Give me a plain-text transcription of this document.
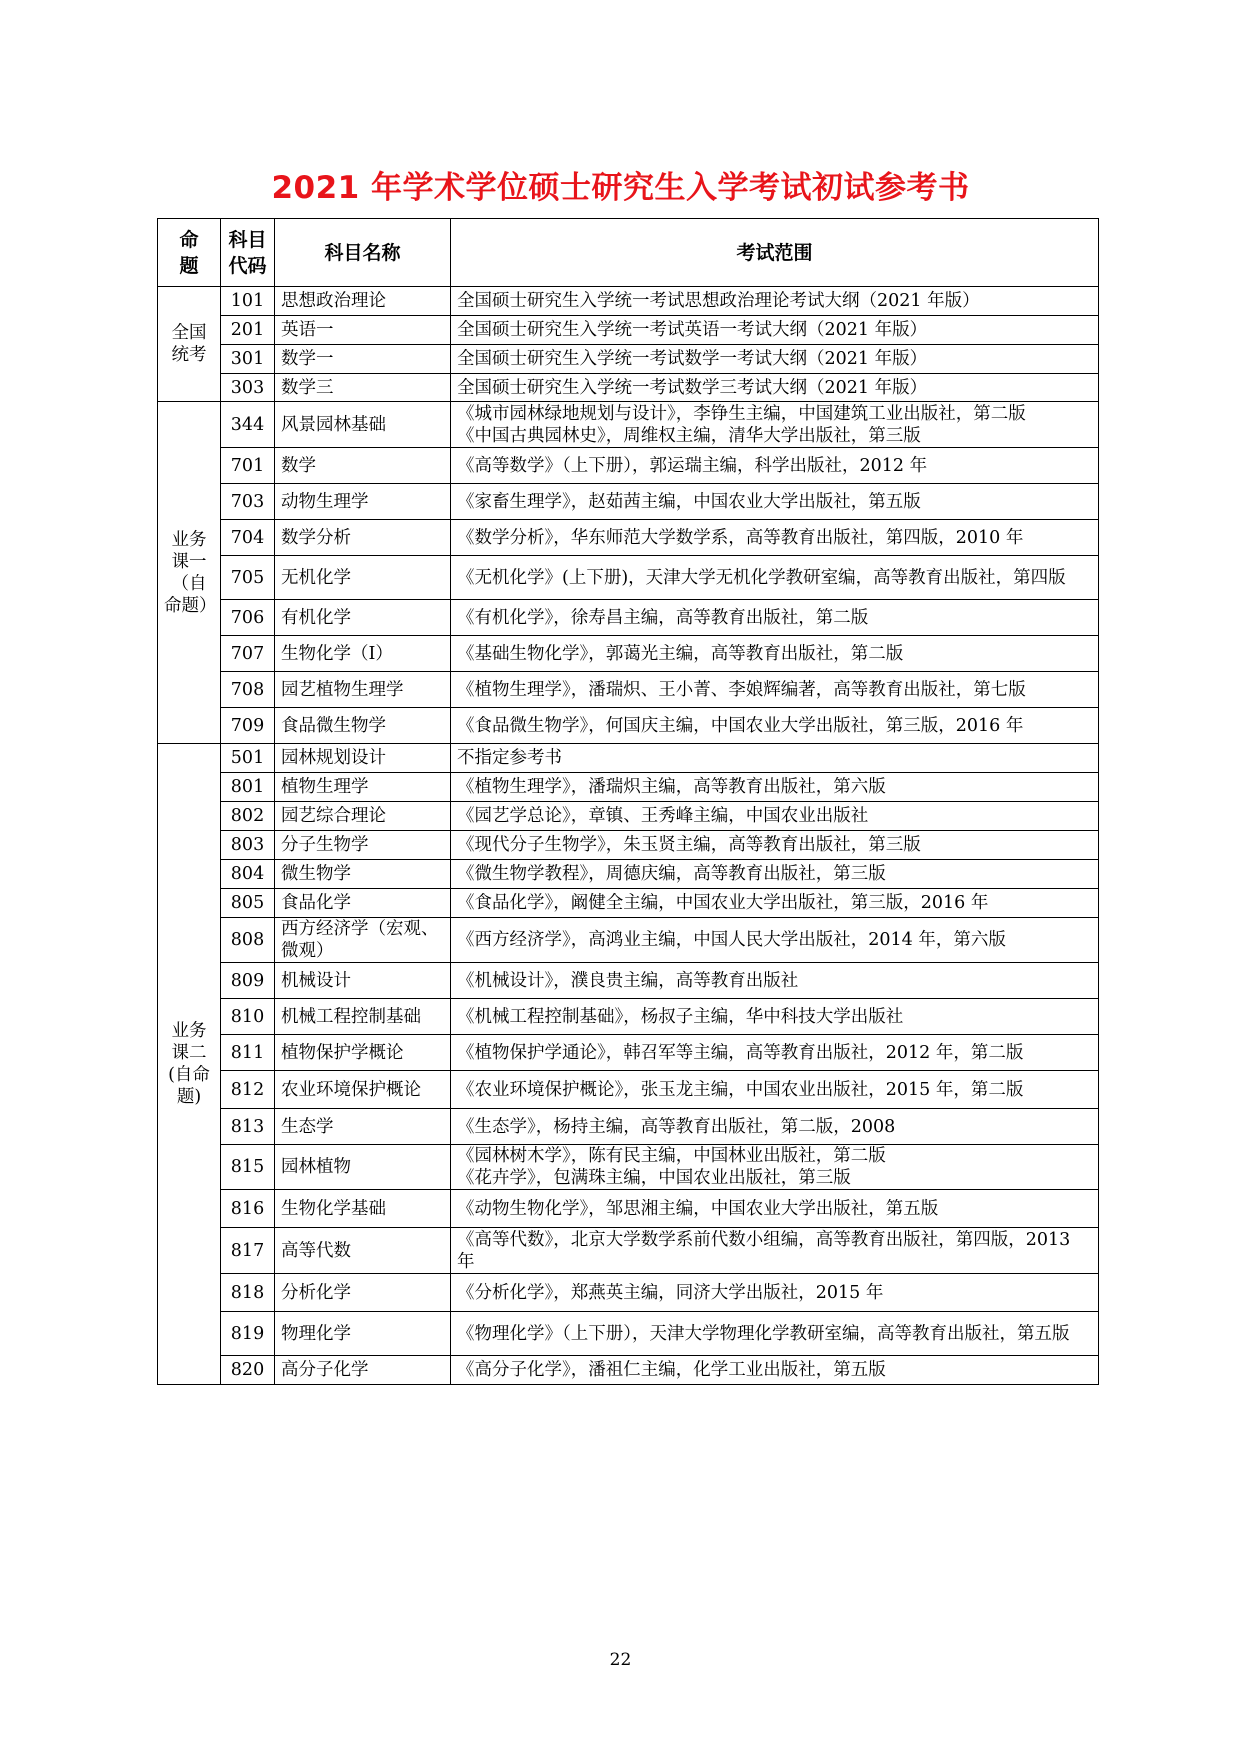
2021 年学术学位硕士研究生入学考试初试参考书
命题	科目代码	科目名称	考试范围
全国统考	101	思想政治理论	全国硕士研究生入学统一考试思想政治理论考试大纲（2021 年版）

	201	英语一	全国硕士研究生入学统一考试英语一考试大纲（2021 年版）

	301	数学一	全国硕士研究生入学统一考试数学一考试大纲（2021 年版）

	303	数学三	全国硕士研究生入学统一考试数学三考试大纲（2021 年版）

业务课一（自命题）	344	风景园林基础	《城市园林绿地规划与设计》，李铮生主编，中国建筑工业出版社，第二版
《中国古典园林史》，周维权主编，清华大学出版社，第三版

	701	数学	《高等数学》（上下册），郭运瑞主编，科学出版社，2012 年

	703	动物生理学	《家畜生理学》，赵茹茜主编，中国农业大学出版社，第五版

	704	数学分析	《数学分析》，华东师范大学数学系，高等教育出版社，第四版，2010 年

	705	无机化学	《无机化学》(上下册)，天津大学无机化学教研室编，高等教育出版社，第四版

	706	有机化学	《有机化学》，徐寿昌主编，高等教育出版社，第二版

	707	生物化学（Ⅰ）	《基础生物化学》，郭蔼光主编，高等教育出版社，第二版

	708	园艺植物生理学	《植物生理学》，潘瑞炽、王小菁、李娘辉编著，高等教育出版社，第七版

	709	食品微生物学	《食品微生物学》，何国庆主编，中国农业大学出版社，第三版，2016 年

业务课二(自命题)	501	园林规划设计	不指定参考书

	801	植物生理学	《植物生理学》，潘瑞炽主编，高等教育出版社，第六版

	802	园艺综合理论	《园艺学总论》，章镇、王秀峰主编，中国农业出版社

	803	分子生物学	《现代分子生物学》，朱玉贤主编，高等教育出版社，第三版

	804	微生物学	《微生物学教程》，周德庆编，高等教育出版社，第三版

	805	食品化学	《食品化学》，阚健全主编，中国农业大学出版社，第三版，2016 年

	808	西方经济学（宏观、微观）	《西方经济学》，高鸿业主编，中国人民大学出版社，2014 年，第六版

	809	机械设计	《机械设计》，濮良贵主编，高等教育出版社

	810	机械工程控制基础	《机械工程控制基础》，杨叔子主编，华中科技大学出版社

	811	植物保护学概论	《植物保护学通论》，韩召军等主编，高等教育出版社，2012 年，第二版

	812	农业环境保护概论	《农业环境保护概论》，张玉龙主编，中国农业出版社，2015 年，第二版

	813	生态学	《生态学》，杨持主编，高等教育出版社，第二版，2008

	815	园林植物	《园林树木学》，陈有民主编，中国林业出版社，第二版
《花卉学》，包满珠主编，中国农业出版社，第三版

	816	生物化学基础	《动物生物化学》，邹思湘主编，中国农业大学出版社，第五版

	817	高等代数	《高等代数》，北京大学数学系前代数小组编，高等教育出版社，第四版，2013 年

	818	分析化学	《分析化学》，郑燕英主编，同济大学出版社，2015 年

	819	物理化学	《物理化学》（上下册），天津大学物理化学教研室编，高等教育出版社，第五版

	820	高分子化学	《高分子化学》，潘祖仁主编，化学工业出版社，第五版
22
